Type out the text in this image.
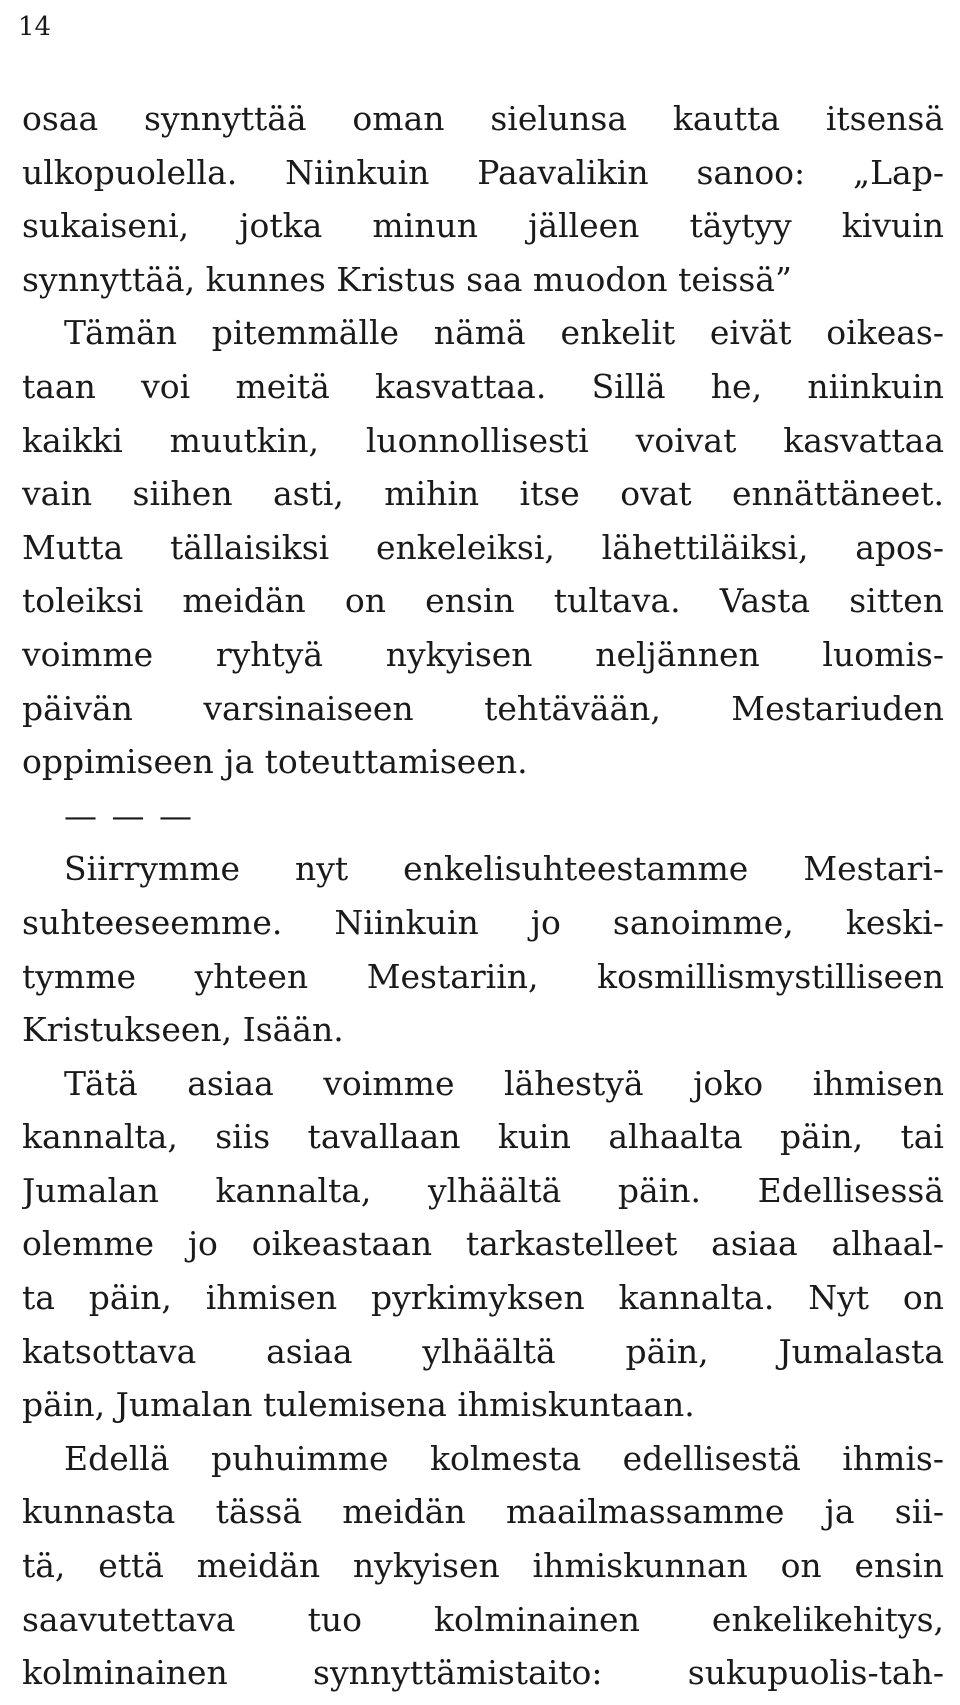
14
osaa synnyttää oman sielunsa kautta itsensä
ulkopuolella. Niinkuin Paavalikin sanoo: „Lap-
sukaiseni, jotka minun jälleen täytyy kivuin
synnyttää, kunnes Kristus saa muodon teissä”
Tämän pitemmälle nämä enkelit eivät oikeas-
taan voi meitä kasvattaa. Sillä he, niinkuin
kaikki muutkin, luonnollisesti voivat kasvattaa
vain siihen asti, mihin itse ovat ennättäneet.
Mutta tällaisiksi enkeleiksi, lähettiläiksi, apos-
toleiksi meidän on ensin tultava. Vasta sitten
voimme ryhtyä nykyisen neljännen luomis-
päivän varsinaiseen tehtävään, Mestariuden
oppimiseen ja toteuttamiseen.
— — —
Siirrymme nyt enkelisuhteestamme Mestari-
suhteeseemme. Niinkuin jo sanoimme, keski-
tymme yhteen Mestariin, kosmillismystilliseen
Kristukseen, Isään.
Tätä asiaa voimme lähestyä joko ihmisen
kannalta, siis tavallaan kuin alhaalta päin, tai
Jumalan kannalta, ylhäältä päin. Edellisessä
olemme jo oikeastaan tarkastelleet asiaa alhaal-
ta päin, ihmisen pyrkimyksen kannalta. Nyt on
katsottava asiaa ylhäältä päin, Jumalasta
päin, Jumalan tulemisena ihmiskuntaan.
Edellä puhuimme kolmesta edellisestä ihmis-
kunnasta tässä meidän maailmassamme ja sii-
tä, että meidän nykyisen ihmiskunnan on ensin
saavutettava tuo kolminainen enkelikehitys,
kolminainen synnyttämistaito: sukupuolis-tah-
